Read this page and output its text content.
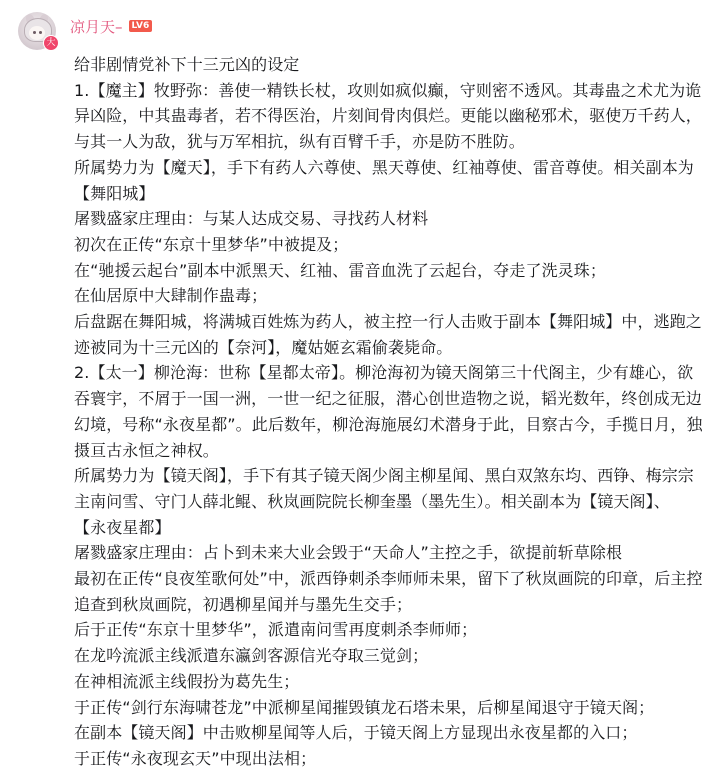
大
凉月天–	LV6
给非剧情党补下十三元凶的设定
1.【魔主】牧野弥：善使一精铁长杖，攻则如疯似癫，守则密不透风。其毒蛊之术尤为诡
异凶险，中其蛊毒者，若不得医治，片刻间骨肉俱烂。更能以幽秘邪术，驱使万千药人，
与其一人为敌，犹与万军相抗，纵有百臂千手，亦是防不胜防。
所属势力为【魔天】，手下有药人六尊使、黑天尊使、红袖尊使、雷音尊使。相关副本为
【舞阳城】
屠戮盛家庄理由：与某人达成交易、寻找药人材料
初次在正传“东京十里梦华”中被提及；
在“驰援云起台”副本中派黑天、红袖、雷音血洗了云起台，夺走了洗灵珠；
在仙居原中大肆制作蛊毒；
后盘踞在舞阳城，将满城百姓炼为药人，被主控一行人击败于副本【舞阳城】中，逃跑之
迹被同为十三元凶的【奈河】，魔姑姬玄霜偷袭毙命。
2.【太一】柳沧海：世称【星都太帝】。柳沧海初为镜天阁第三十代阁主，少有雄心，欲
吞寰宇，不屑于一国一洲，一世一纪之征服，潜心创世造物之说，韬光数年，终创成无边
幻境，号称“永夜星都”。此后数年，柳沧海施展幻术潜身于此，目察古今，手揽日月，独
摄亘古永恒之神权。
所属势力为【镜天阁】，手下有其子镜天阁少阁主柳星闻、黑白双煞东均、西铮、梅宗宗
主南问雪、守门人薛北鲲、秋岚画院院长柳奎墨（墨先生）。相关副本为【镜天阁】、
【永夜星都】
屠戮盛家庄理由：占卜到未来大业会毁于“天命人”主控之手，欲提前斩草除根
最初在正传“良夜笙歌何处”中，派西铮刺杀李师师未果，留下了秋岚画院的印章，后主控
追查到秋岚画院，初遇柳星闻并与墨先生交手；
后于正传“东京十里梦华”，派遣南问雪再度刺杀李师师；
在龙吟流派主线派遣东瀛剑客源信光夺取三觉剑；
在神相流派主线假扮为葛先生；
于正传“剑行东海啸苍龙”中派柳星闻摧毁镇龙石塔未果，后柳星闻退守于镜天阁；
在副本【镜天阁】中击败柳星闻等人后，于镜天阁上方显现出永夜星都的入口；
于正传“永夜现玄天”中现出法相；
